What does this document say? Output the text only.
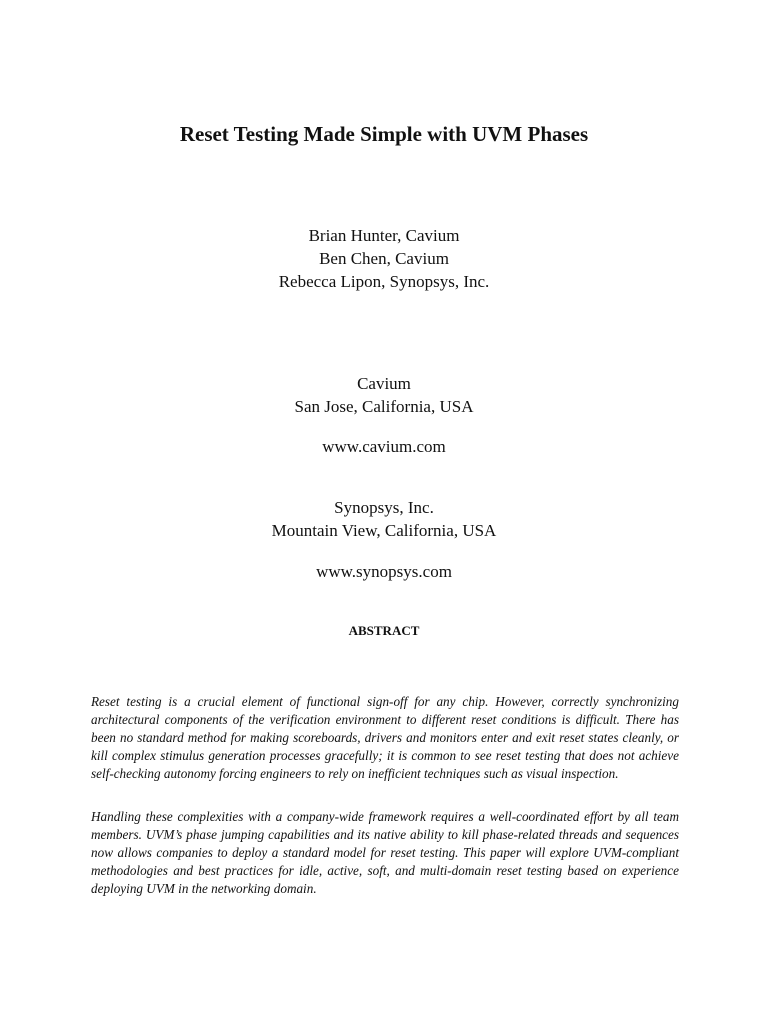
Reset Testing Made Simple with UVM Phases
Brian Hunter, Cavium
Ben Chen, Cavium
Rebecca Lipon, Synopsys, Inc.
Cavium
San Jose, California, USA
www.cavium.com
Synopsys, Inc.
Mountain View, California, USA
www.synopsys.com
ABSTRACT

Reset testing is a crucial element of functional sign-off for any chip. However, correctly synchronizing architectural components of the verification environment to different reset conditions is difficult. There has been no standard method for making scoreboards, drivers and monitors enter and exit reset states cleanly, or kill complex stimulus generation processes gracefully; it is common to see reset testing that does not achieve self-checking autonomy forcing engineers to rely on inefficient techniques such as visual inspection.

Handling these complexities with a company-wide framework requires a well-coordinated effort by all team members. UVM’s phase jumping capabilities and its native ability to kill phase-related threads and sequences now allows companies to deploy a standard model for reset testing. This paper will explore UVM-compliant methodologies and best practices for idle, active, soft, and multi-domain reset testing based on experience deploying UVM in the networking domain.
